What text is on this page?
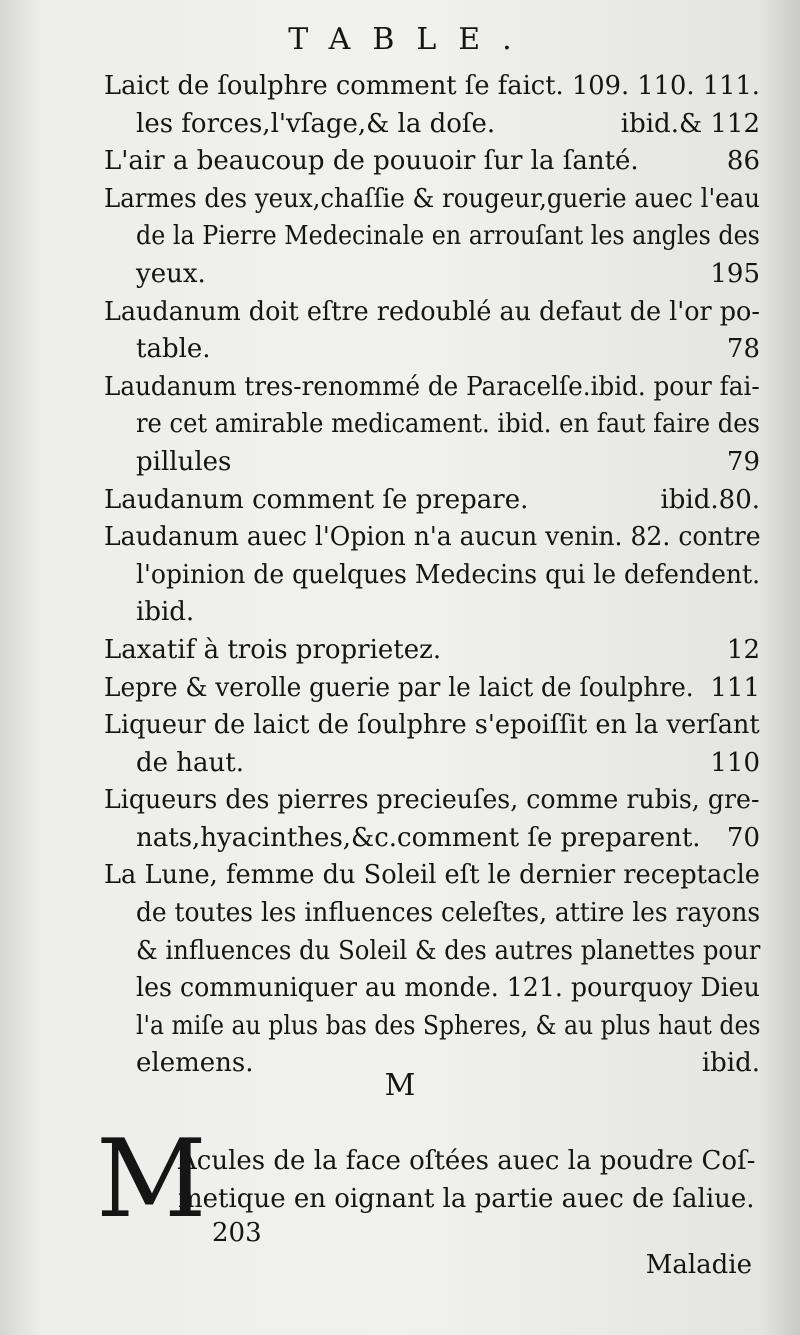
TABLE.
Laict de ſoulphre comment ſe faict. 109. 110. 111.
les forces,l'vſage,& la doſe.	ibid.& 112
L'air a beaucoup de pouuoir ſur la ſanté.	86
Larmes des yeux,chaſſie & rougeur,guerie auec l'eau
de la Pierre Medecinale en arrouſant les angles des
yeux.	195
Laudanum doit eſtre redoublé au defaut de l'or po-
table.	78
Laudanum tres-renommé de Paracelſe.ibid. pour fai-
re cet amirable medicament. ibid. en faut faire des
pillules	79
Laudanum comment ſe prepare.	ibid.80.
Laudanum auec l'Opion n'a aucun venin. 82. contre
l'opinion de quelques Medecins qui le defendent.
ibid.
Laxatif à trois proprietez.	12
Lepre & verolle guerie par le laict de ſoulphre. 111
Liqueur de laict de ſoulphre s'epoiſſit en la verſant
de haut.	110
Liqueurs des pierres precieuſes, comme rubis, gre-
nats,hyacinthes,&c.comment ſe preparent. 70
La Lune, femme du Soleil eſt le dernier receptacle
de toutes les influences celeſtes, attire les rayons
& influences du Soleil & des autres planettes pour
les communiquer au monde. 121. pourquoy Dieu
l'a miſe au plus bas des Spheres, & au plus haut des
elemens.	ibid.
M
M
Acules de la face oſtées auec la poudre Coſ-
metique en oignant la partie auec de ſaliue.
203
Maladie
